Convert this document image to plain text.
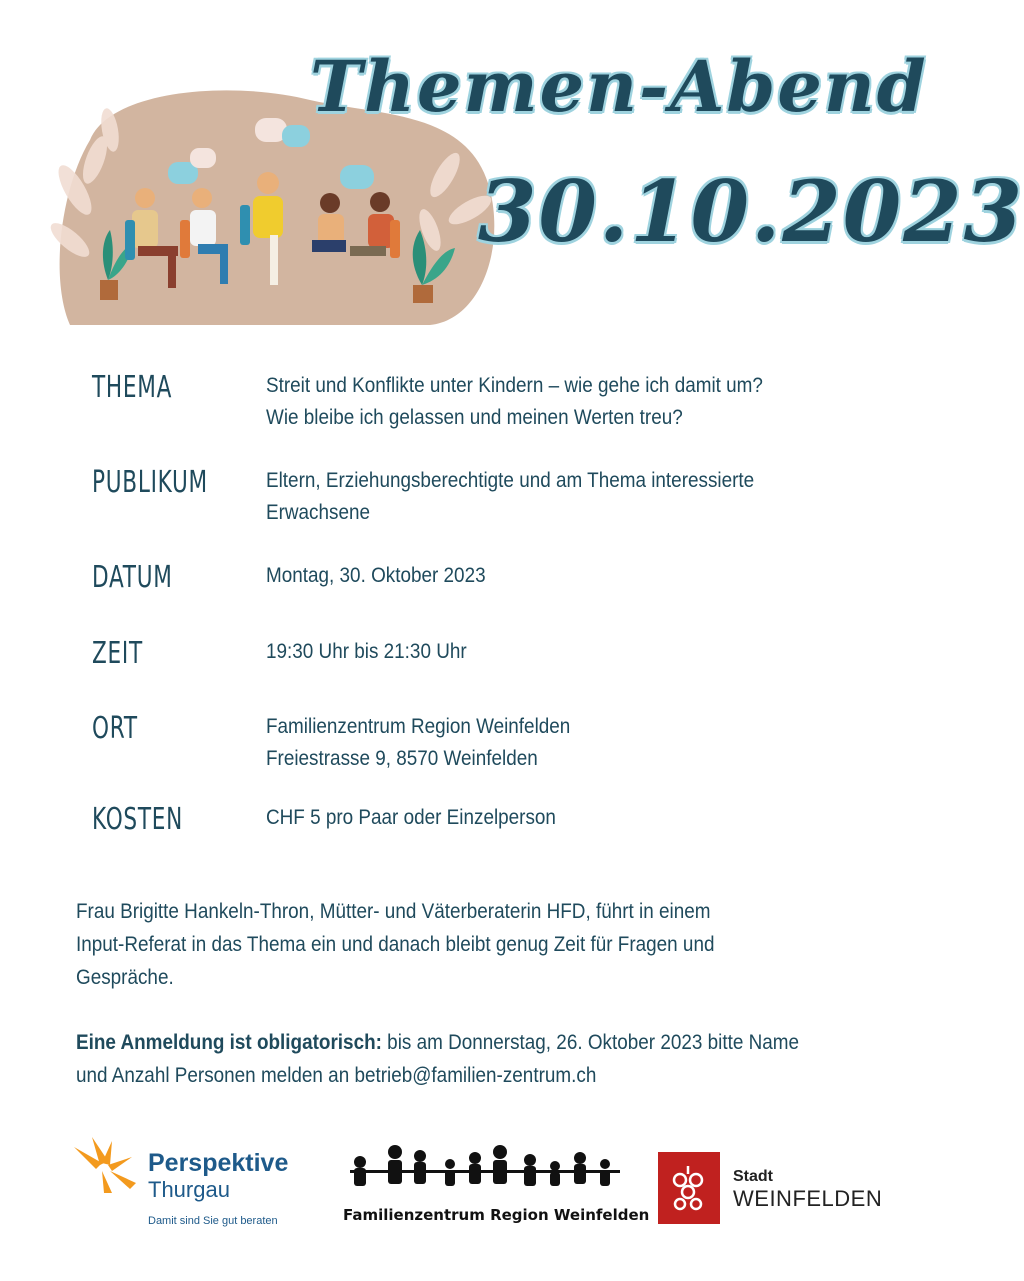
Themen-Abend
30.10.2023
THEMA	Streit und Konflikte unter Kindern – wie gehe ich damit um?
Wie bleibe ich gelassen und meinen Werten treu?
PUBLIKUM	Eltern, Erziehungsberechtigte und am Thema interessierte
Erwachsene
DATUM	Montag, 30. Oktober 2023
ZEIT	19:30 Uhr bis 21:30 Uhr
ORT	Familienzentrum Region Weinfelden
Freiestrasse 9, 8570 Weinfelden
KOSTEN	CHF 5 pro Paar oder Einzelperson
Frau Brigitte Hankeln-Thron, Mütter- und Väterberaterin HFD, führt in einem
Input-Referat in das Thema ein und danach bleibt genug Zeit für Fragen und
Gespräche.
Eine Anmeldung ist obligatorisch: bis am Donnerstag, 26. Oktober 2023 bitte Name
und Anzahl Personen melden an betrieb@familien-zentrum.ch
Perspektive
Thurgau
Damit sind Sie gut beraten	Familienzentrum Region Weinfelden
Stadt
WEINFELDEN
